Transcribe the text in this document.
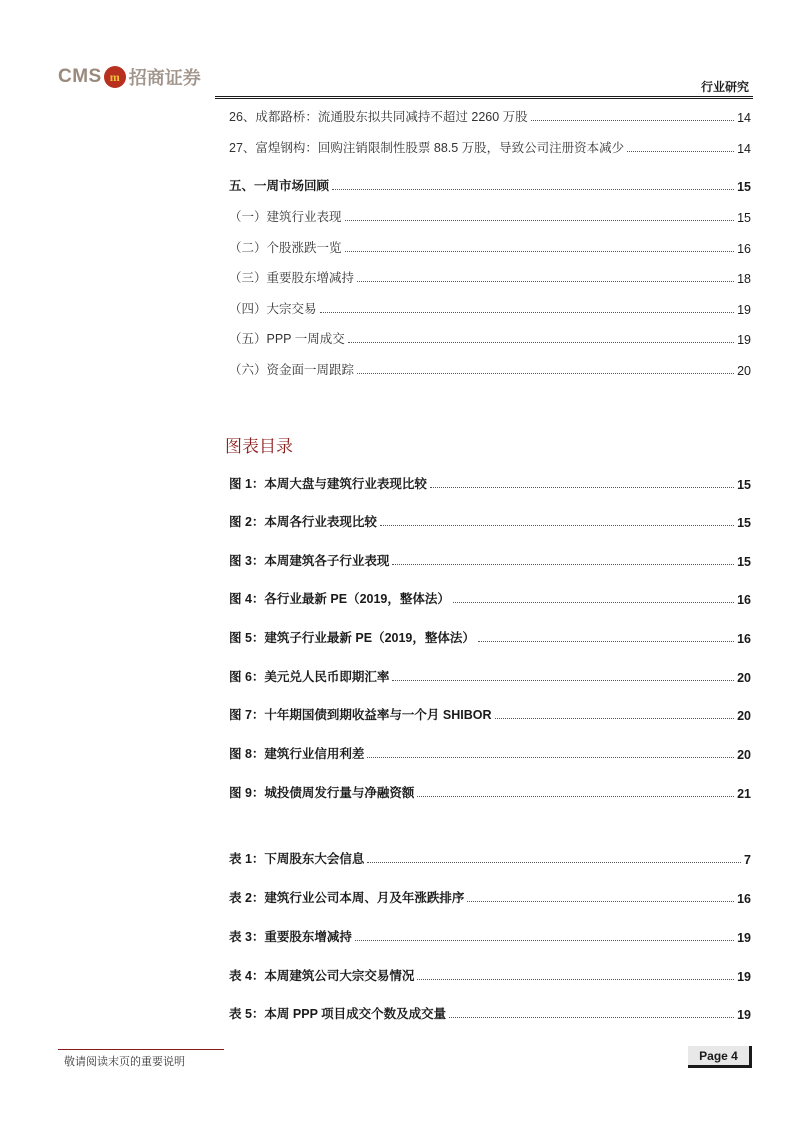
CMS m 招商证券	行业研究
26、成都路桥：流通股东拟共同减持不超过 2260 万股	14
27、富煌钢构：回购注销限制性股票 88.5 万股，导致公司注册资本减少	14
五、一周市场回顾	15
（一）建筑行业表现	15
（二）个股涨跌一览	16
（三）重要股东增减持	18
（四）大宗交易	19
（五）PPP 一周成交	19
（六）资金面一周跟踪	20
图表目录
图 1：本周大盘与建筑行业表现比较	15
图 2：本周各行业表现比较	15
图 3：本周建筑各子行业表现	15
图 4：各行业最新 PE（2019，整体法）	16
图 5：建筑子行业最新 PE（2019，整体法）	16
图 6：美元兑人民币即期汇率	20
图 7：十年期国债到期收益率与一个月 SHIBOR	20
图 8：建筑行业信用利差	20
图 9：城投债周发行量与净融资额	21
表 1：下周股东大会信息	7
表 2：建筑行业公司本周、月及年涨跌排序	16
表 3：重要股东增减持	19
表 4：本周建筑公司大宗交易情况	19
表 5：本周 PPP 项目成交个数及成交量	19
敬请阅读末页的重要说明	Page 4
